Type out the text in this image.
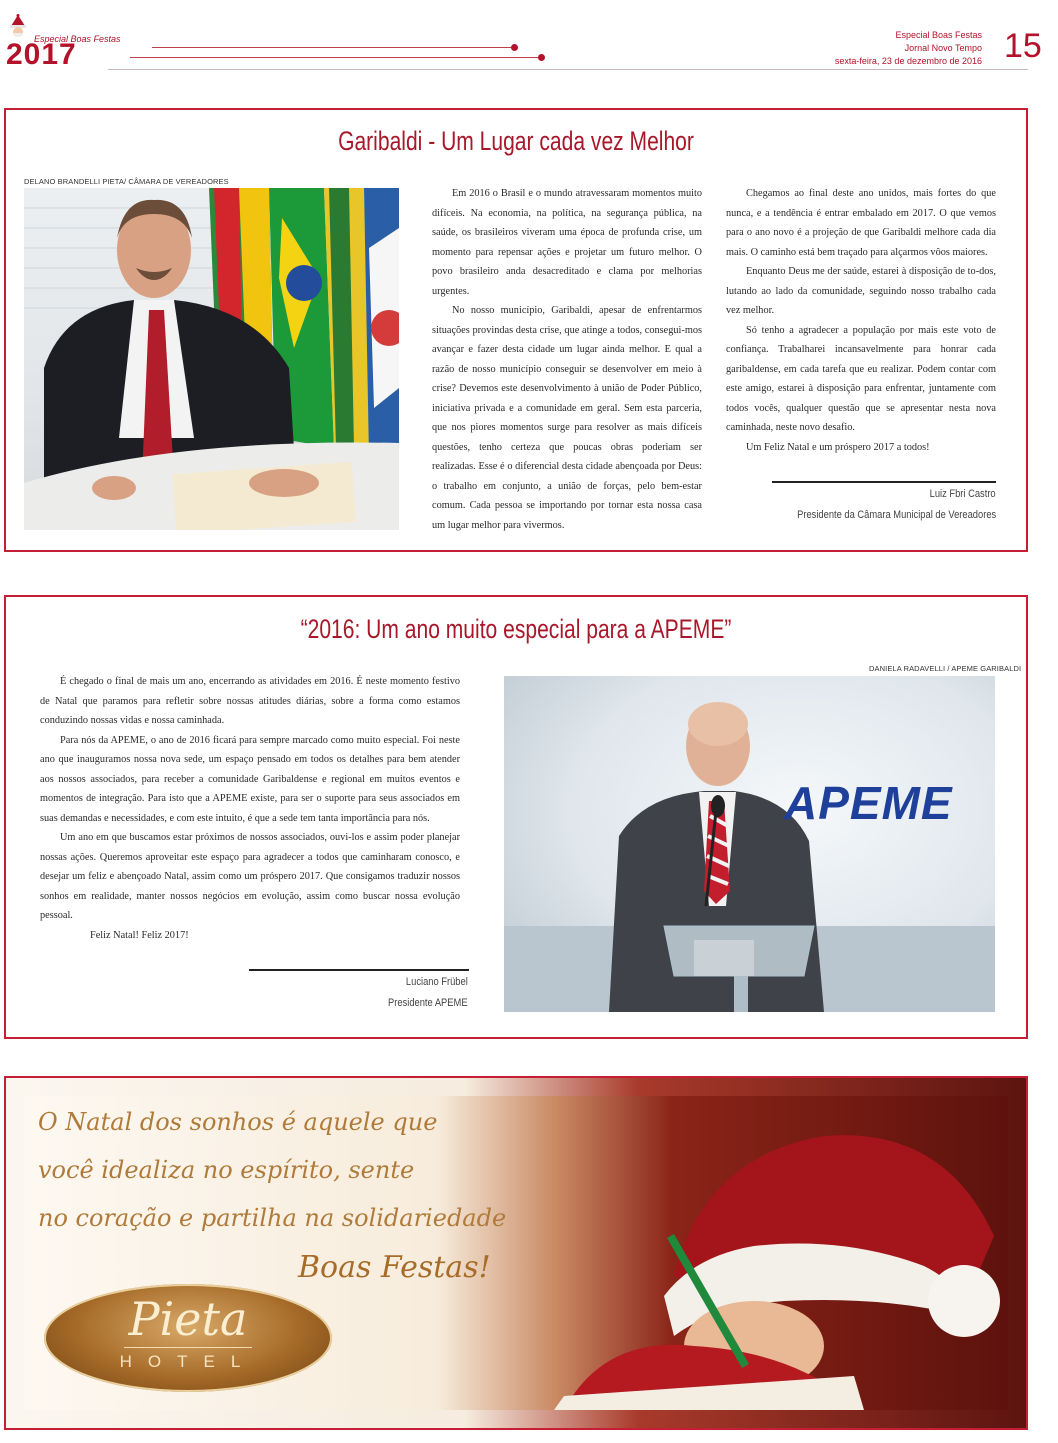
Especial Boas Festas
2017
Especial Boas Festas
Jornal Novo Tempo
sexta-feira, 23 de dezembro de 2016 15
Garibaldi - Um Lugar cada vez Melhor
DELANO BRANDELLI PIETA/ CÂMARA DE VEREADORES

Em 2016 o Brasil e o mundo atravessaram momentos muito difíceis. Na economia, na política, na segurança pública, na saúde, os brasileiros viveram uma época de profunda crise, um momento para repensar ações e projetar um futuro melhor. O povo brasileiro anda desacreditado e clama por melhorias urgentes.

No nosso município, Garibaldi, apesar de enfrentarmos situações provindas desta crise, que atinge a todos, consegui-mos avançar e fazer desta cidade um lugar ainda melhor. E qual a razão de nosso município conseguir se desenvolver em meio à crise? Devemos este desenvolvimento à união de Poder Público, iniciativa privada e a comunidade em geral. Sem esta parceria, que nos piores momentos surge para resolver as mais difíceis questões, tenho certeza que poucas obras poderiam ser realizadas. Esse é o diferencial desta cidade abençoada por Deus: o trabalho em conjunto, a união de forças, pelo bem-estar comum. Cada pessoa se importando por tornar esta nossa casa um lugar melhor para vivermos.

Chegamos ao final deste ano unidos, mais fortes do que nunca, e a tendência é entrar embalado em 2017. O que vemos para o ano novo é a projeção de que Garibaldi melhore cada dia mais. O caminho está bem traçado para alçarmos vôos maiores.

Enquanto Deus me der saúde, estarei à disposição de to-dos, lutando ao lado da comunidade, seguindo nosso trabalho cada vez melhor.

Só tenho a agradecer a população por mais este voto de confiança. Trabalharei incansavelmente para honrar cada garibaldense, em cada tarefa que eu realizar. Podem contar com este amigo, estarei à disposição para enfrentar, juntamente com todos vocês, qualquer questão que se apresentar nesta nova caminhada, neste novo desafio.

Um Feliz Natal e um próspero 2017 a todos!

Luiz Fbri Castro
Presidente da Câmara Municipal de Vereadores
“2016: Um ano muito especial para a APEME”
DANIELA RADAVELLI / APEME GARIBALDI

É chegado o final de mais um ano, encerrando as atividades em 2016. É neste momento festivo de Natal que paramos para refletir sobre nossas atitudes diárias, sobre a forma como estamos conduzindo nossas vidas e nossa caminhada.

Para nós da APEME, o ano de 2016 ficará para sempre marcado como muito especial. Foi neste ano que inauguramos nossa nova sede, um espaço pensado em todos os detalhes para bem atender aos nossos associados, para receber a comunidade Garibaldense e regional em muitos eventos e momentos de integração. Para isto que a APEME existe, para ser o suporte para seus associados em suas demandas e necessidades, e com este intuito, é que a sede tem tanta importância para nós.

Um ano em que buscamos estar próximos de nossos associados, ouvi-los e assim poder planejar nossas ações. Queremos aproveitar este espaço para agradecer a todos que caminharam conosco, e desejar um feliz e abençoado Natal, assim como um próspero 2017. Que consigamos traduzir nossos sonhos em realidade, manter nossos negócios em evolução, assim como buscar nossa evolução pessoal.

Feliz Natal! Feliz 2017!

Luciano Frübel
Presidente APEME
APEME
O Natal dos sonhos é aquele que
você idealiza no espírito, sente
no coração e partilha na solidariedade
Boas Festas!
Pieta
HOTEL
